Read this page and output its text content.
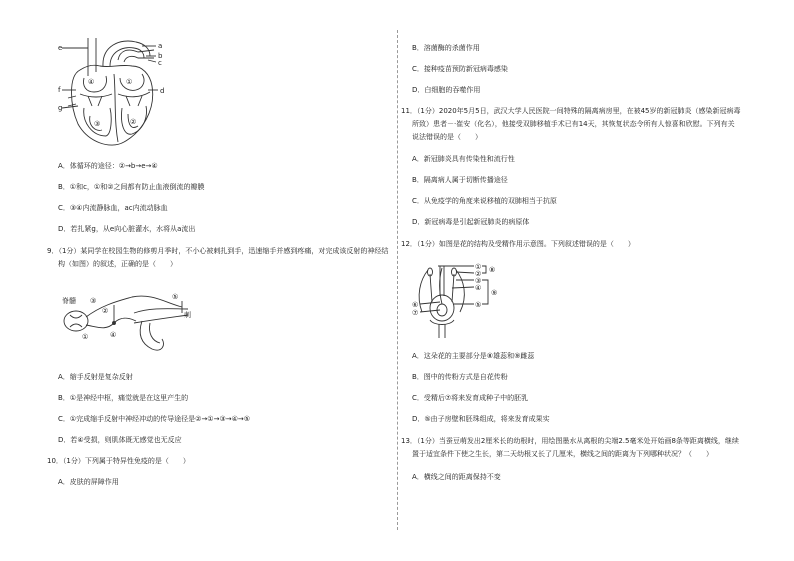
e	a
b
c
d
f
g
④	①
③	②
A．体循环的途径：②→b→e→④
B．①和c，①和②之间都有防止血液倒流的瓣膜
C．③④内流静脉血，ac内流动脉血
D．若扎紧g，从e向心脏灌水，水将从a流出
9．（1分）某同学在校园生物的修剪月季时，不小心被刺扎到手，迅速缩手并感到疼痛，对完成该反射的神经结
构（如图）的叙述，正确的是（　　）
脊髓 ③
②
①	④
⑤
刺
A．缩手反射是复杂反射
B．①是神经中枢，痛觉就是在这里产生的
C．①完成缩手反射中神经冲动的传导途径是②→①→③→④→⑤
D．若④受损，则肌体既无感觉也无反应
10．（1分）下列属于特异性免疫的是（　　）
A．皮肤的屏障作用
B．溶菌酶的杀菌作用
C．接种疫苗预防新冠病毒感染
D．白细胞的吞噬作用
11．（1分）2020年5月5日，武汉大学人民医院一间特殊的隔离病房里，在被45岁的新冠肺炎（感染新冠病毒
所致）患者－·崔安（化名），他接受双肺移植手术已有14天，其恢复状态令所有人惊喜和欣慰。下列有关
说法错误的是（　　）
A．新冠肺炎具有传染性和流行性
B．隔离病人属于切断传播途径
C．从免疫学的角度来说移植的双肺相当于抗原
D．新冠病毒是引起新冠肺炎的病原体
12．（1分）如图是花的结构及受精作用示意图。下列叙述错误的是（　　）
①
②
③
④
⑤
⑥
⑦
⑧
⑨
A．这朵花的主要部分是⑧雄蕊和⑨雌蕊
B．图中的传粉方式是自花传粉
C．受精后⑦将来发育成种子中的胚乳
D．⑤由子房壁和胚珠组成，将来发育成果实
13．（1分）当蚕豆萌发出2厘米长的幼根时，用绘图墨水从离根的尖端2.5毫米处开始画8条等距离横线，继续
置于适宜条件下使之生长，第二天幼根又长了几厘米，横线之间的距离为下列哪种状况？（　　）
A．横线之间的距离保持不变
